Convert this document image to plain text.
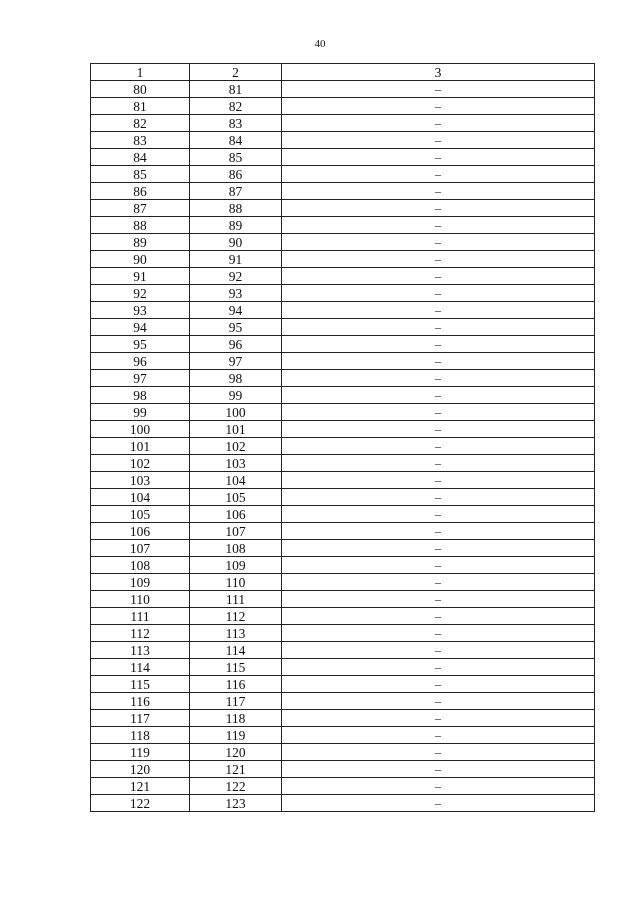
40
1	2	3
80	81	–
81	82	–
82	83	–
83	84	–
84	85	–
85	86	–
86	87	–
87	88	–
88	89	–
89	90	–
90	91	–
91	92	–
92	93	–
93	94	–
94	95	–
95	96	–
96	97	–
97	98	–
98	99	–
99	100	–
100	101	–
101	102	–
102	103	–
103	104	–
104	105	–
105	106	–
106	107	–
107	108	–
108	109	–
109	110	–
110	111	–
111	112	–
112	113	–
113	114	–
114	115	–
115	116	–
116	117	–
117	118	–
118	119	–
119	120	–
120	121	–
121	122	–
122	123	–
